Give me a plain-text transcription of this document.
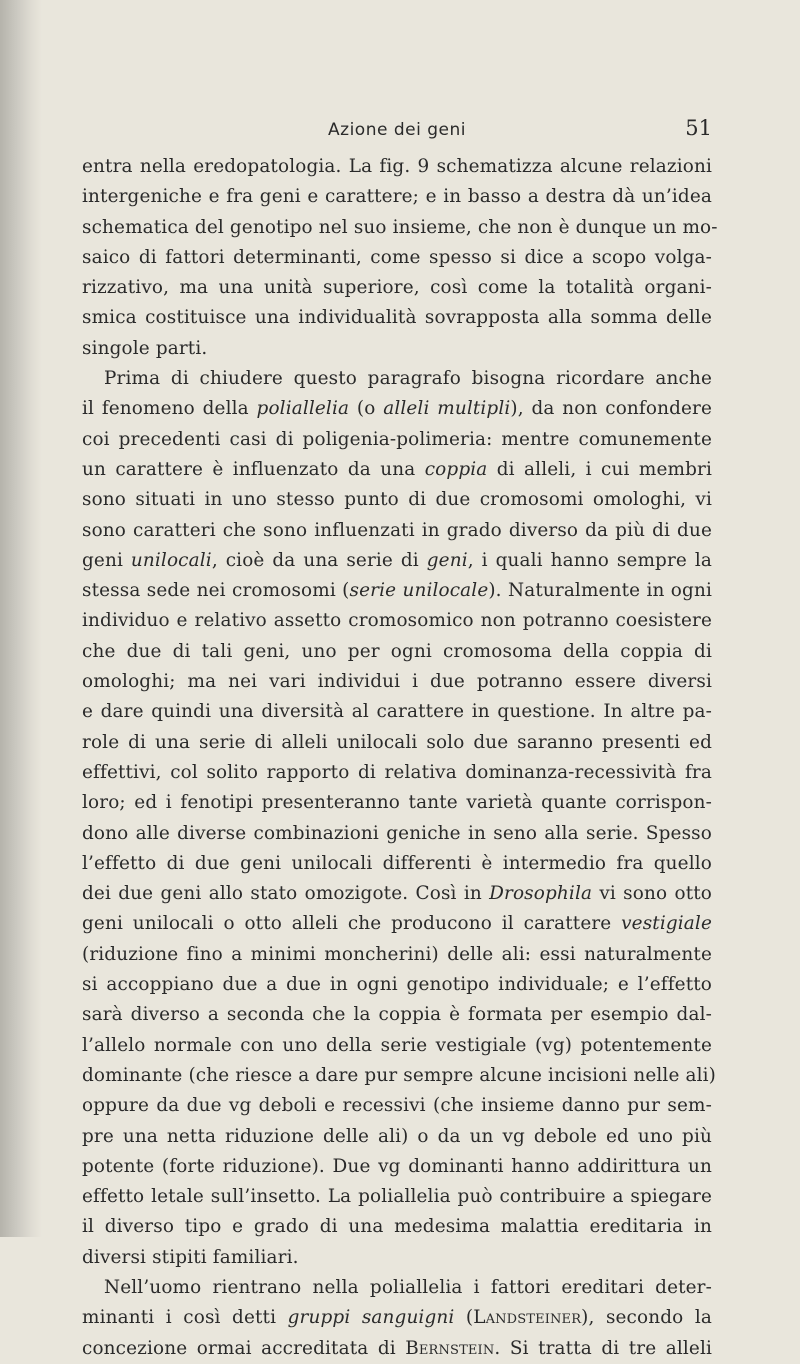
Azione dei geni	51
entra nella eredopatologia. La fig. 9 schematizza alcune relazioni
intergeniche e fra geni e carattere; e in basso a destra dà un’idea
schematica del genotipo nel suo insieme, che non è dunque un mo-
saico di fattori determinanti, come spesso si dice a scopo volga-
rizzativo, ma una unità superiore, così come la totalità organi-
smica costituisce una individualità sovrapposta alla somma delle
singole parti.
Prima di chiudere questo paragrafo bisogna ricordare anche
il fenomeno della poliallelia (o alleli multipli), da non confondere
coi precedenti casi di poligenia-polimeria: mentre comunemente
un carattere è influenzato da una coppia di alleli, i cui membri
sono situati in uno stesso punto di due cromosomi omologhi, vi
sono caratteri che sono influenzati in grado diverso da più di due
geni unilocali, cioè da una serie di geni, i quali hanno sempre la
stessa sede nei cromosomi (serie unilocale). Naturalmente in ogni
individuo e relativo assetto cromosomico non potranno coesistere
che due di tali geni, uno per ogni cromosoma della coppia di
omologhi; ma nei vari individui i due potranno essere diversi
e dare quindi una diversità al carattere in questione. In altre pa-
role di una serie di alleli unilocali solo due saranno presenti ed
effettivi, col solito rapporto di relativa dominanza-recessività fra
loro; ed i fenotipi presenteranno tante varietà quante corrispon-
dono alle diverse combinazioni geniche in seno alla serie. Spesso
l’effetto di due geni unilocali differenti è intermedio fra quello
dei due geni allo stato omozigote. Così in Drosophila vi sono otto
geni unilocali o otto alleli che producono il carattere vestigiale
(riduzione fino a minimi moncherini) delle ali: essi naturalmente
si accoppiano due a due in ogni genotipo individuale; e l’effetto
sarà diverso a seconda che la coppia è formata per esempio dal-
l’allelo normale con uno della serie vestigiale (vg) potentemente
dominante (che riesce a dare pur sempre alcune incisioni nelle ali)
oppure da due vg deboli e recessivi (che insieme danno pur sem-
pre una netta riduzione delle ali) o da un vg debole ed uno più
potente (forte riduzione). Due vg dominanti hanno addirittura un
effetto letale sull’insetto. La poliallelia può contribuire a spiegare
il diverso tipo e grado di una medesima malattia ereditaria in
diversi stipiti familiari.
Nell’uomo rientrano nella poliallelia i fattori ereditari deter-
minanti i così detti gruppi sanguigni (Landsteiner), secondo la
concezione ormai accreditata di Bernstein. Si tratta di tre alleli
